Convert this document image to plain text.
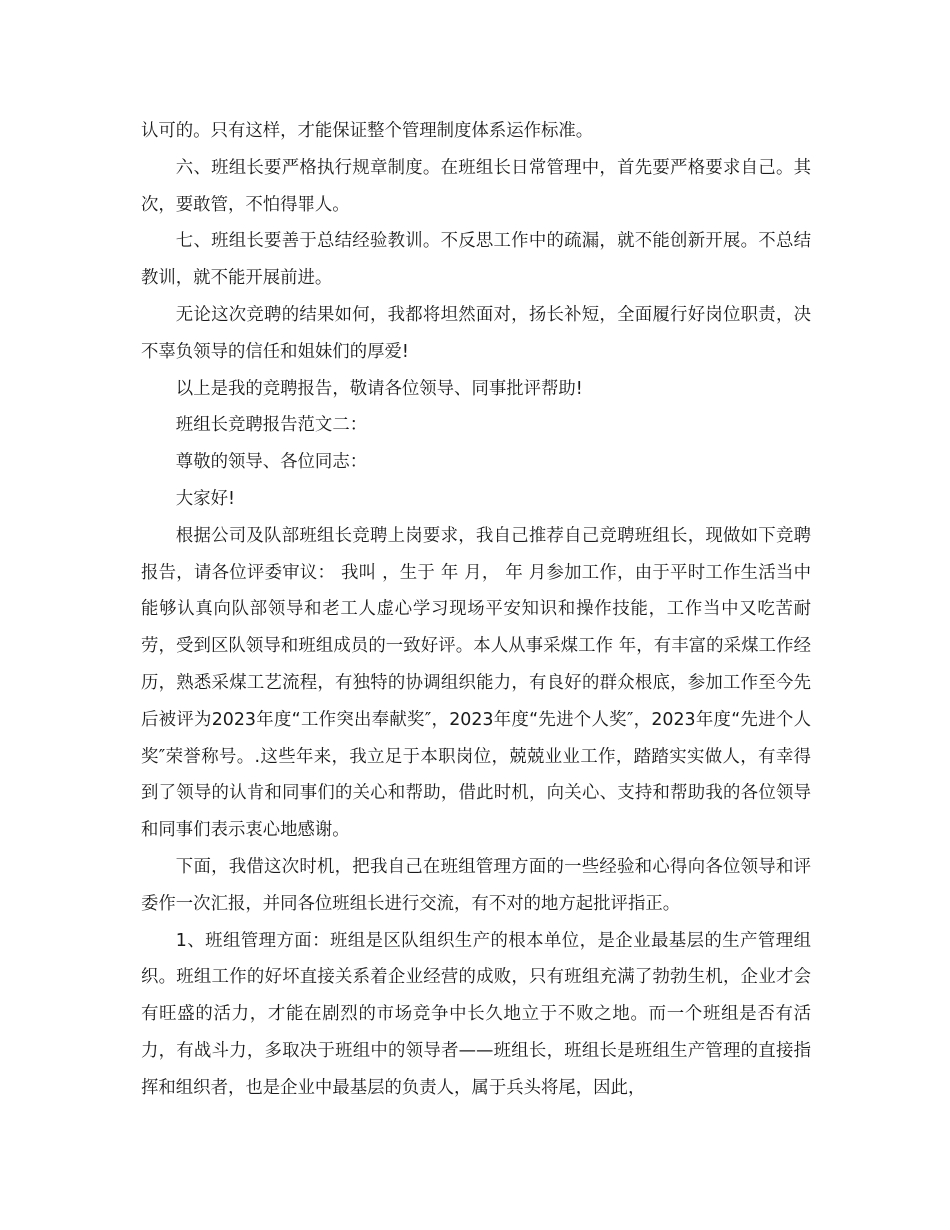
认可的。只有这样，才能保证整个管理制度体系运作标准。

六、班组长要严格执行规章制度。在班组长日常管理中，首先要严格要求自己。其次，要敢管，不怕得罪人。

七、班组长要善于总结经验教训。不反思工作中的疏漏，就不能创新开展。不总结教训，就不能开展前进。

无论这次竞聘的结果如何，我都将坦然面对，扬长补短，全面履行好岗位职责，决不辜负领导的信任和姐妹们的厚爱!

以上是我的竞聘报告，敬请各位领导、同事批评帮助!

班组长竞聘报告范文二：

尊敬的领导、各位同志：

大家好!

根据公司及队部班组长竞聘上岗要求，我自己推荐自己竞聘班组长，现做如下竞聘报告，请各位评委审议： 我叫 ，生于 年 月， 年 月参加工作，由于平时工作生活当中能够认真向队部领导和老工人虚心学习现场平安知识和操作技能，工作当中又吃苦耐劳，受到区队领导和班组成员的一致好评。本人从事采煤工作 年，有丰富的采煤工作经历，熟悉采煤工艺流程，有独特的协调组织能力，有良好的群众根底，参加工作至今先后被评为2023年度“工作突出奉献奖″，2023年度“先进个人奖″，2023年度“先进个人奖″荣誉称号。.这些年来，我立足于本职岗位，兢兢业业工作，踏踏实实做人，有幸得到了领导的认肯和同事们的关心和帮助，借此时机，向关心、支持和帮助我的各位领导和同事们表示衷心地感谢。

下面，我借这次时机，把我自己在班组管理方面的一些经验和心得向各位领导和评委作一次汇报，并同各位班组长进行交流，有不对的地方起批评指正。

1、班组管理方面：班组是区队组织生产的根本单位，是企业最基层的生产管理组织。班组工作的好坏直接关系着企业经营的成败，只有班组充满了勃勃生机，企业才会有旺盛的活力，才能在剧烈的市场竞争中长久地立于不败之地。而一个班组是否有活力，有战斗力，多取决于班组中的领导者——班组长，班组长是班组生产管理的直接指挥和组织者，也是企业中最基层的负责人，属于兵头将尾，因此，
